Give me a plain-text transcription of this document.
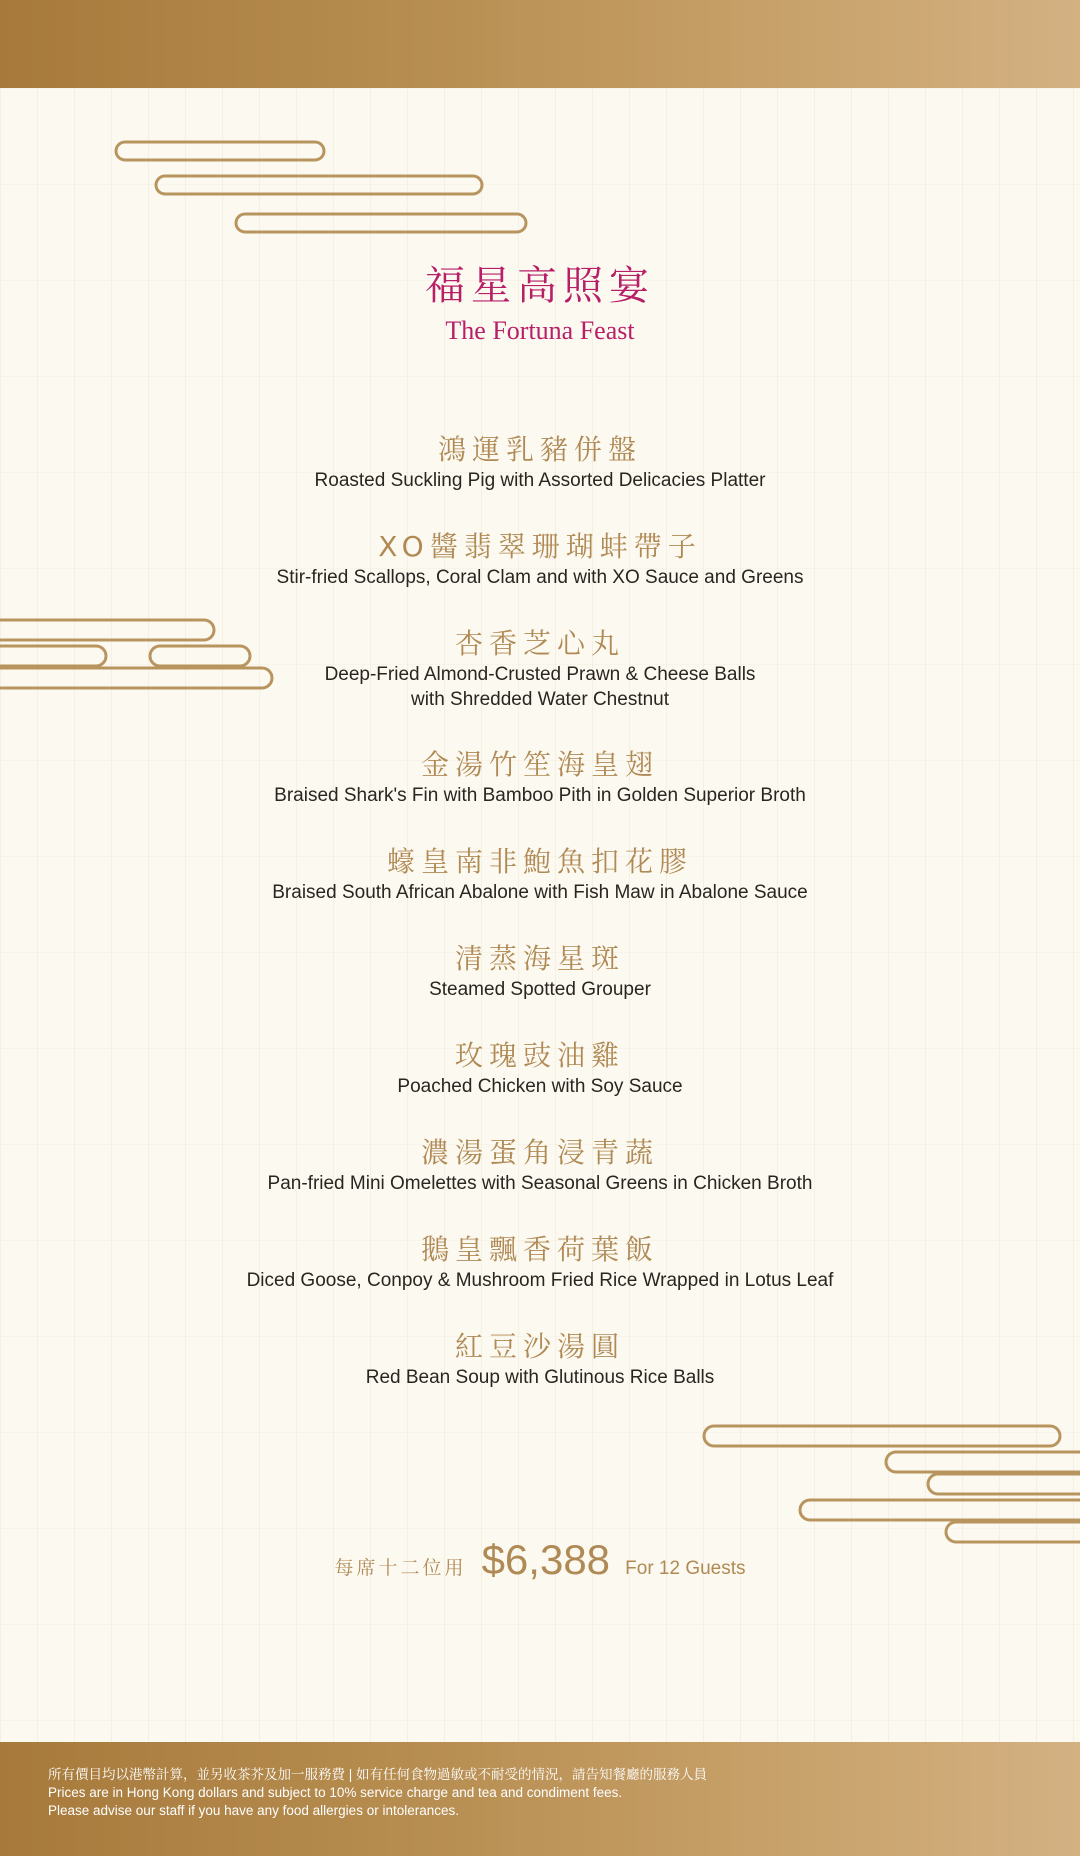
福星高照宴
The Fortuna Feast
鴻運乳豬併盤
Roasted Suckling Pig with Assorted Delicacies Platter
XO醬翡翠珊瑚蚌帶子
Stir-fried Scallops, Coral Clam and with XO Sauce and Greens
杏香芝心丸
Deep-Fried Almond-Crusted Prawn & Cheese Balls
with Shredded Water Chestnut
金湯竹笙海皇翅
Braised Shark's Fin with Bamboo Pith in Golden Superior Broth
蠔皇南非鮑魚扣花膠
Braised South African Abalone with Fish Maw in Abalone Sauce
清蒸海星斑
Steamed Spotted Grouper
玫瑰豉油雞
Poached Chicken with Soy Sauce
濃湯蛋角浸青蔬
Pan-fried Mini Omelettes with Seasonal Greens in Chicken Broth
鵝皇飄香荷葉飯
Diced Goose, Conpoy & Mushroom Fried Rice Wrapped in Lotus Leaf
紅豆沙湯圓
Red Bean Soup with Glutinous Rice Balls
每席十二位用 $6,388 For 12 Guests
所有價目均以港幣計算，並另收茶芥及加一服務費 | 如有任何食物過敏或不耐受的情況，請告知餐廳的服務人員
Prices are in Hong Kong dollars and subject to 10% service charge and tea and condiment fees.
Please advise our staff if you have any food allergies or intolerances.
